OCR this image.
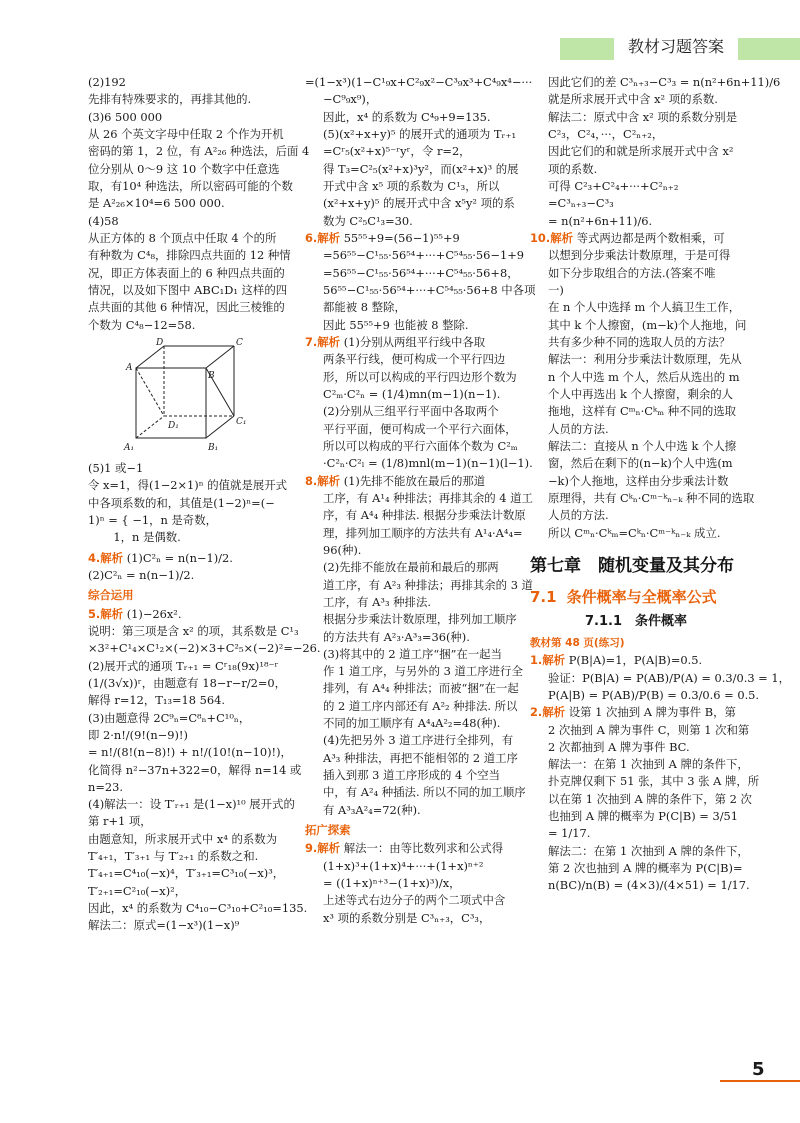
教材习题答案

(2)192

先排有特殊要求的，再排其他的.

(3)6 500 000

从 26 个英文字母中任取 2 个作为开机

密码的第 1，2 位，有 A²₂₆ 种选法，后面 4

位分别从 0～9 这 10 个数字中任意选

取，有10⁴ 种选法，所以密码可能的个数

是 A²₂₆×10⁴=6 500 000.

(4)58

从正方体的 8 个顶点中任取 4 个的所

有种数为 C⁴₈，排除四点共面的 12 种情

况，即正方体表面上的 6 种四点共面的

情况，以及如下图中 ABC₁D₁ 这样的四

点共面的其他 6 种情况，因此三棱锥的

个数为 C⁴₈−12=58.

A
B
C
D
A₁	B₁
C₁
D₁

(5)1 或−1

令 x=1，得(1−2×1)ⁿ 的值就是展开式

中各项系数的和，其值是(1−2)ⁿ=(−

1)ⁿ = { −1，n 是奇数，

1，n 是偶数.

4.解析 (1)C²ₙ = n(n−1)/2.

(2)C²ₙ = n(n−1)/2.

综合运用

5.解析 (1)−26x².

说明：第三项是含 x² 的项，其系数是 C¹₃

×3²+C¹₄×C¹₂×(−2)×3+C²₅×(−2)²=−26.

(2)展开式的通项 Tᵣ₊₁ = Cʳ₁₈(9x)¹⁸⁻ʳ

(1/(3√x))ʳ，由题意有 18−r−r/2=0，

解得 r=12，T₁₃=18 564.

(3)由题意得 2C⁹ₙ=C⁸ₙ+C¹⁰ₙ，

即 2·n!/(9!(n−9)!)

= n!/(8!(n−8)!) + n!/(10!(n−10)!)，

化简得 n²−37n+322=0，解得 n=14 或

n=23.

(4)解法一：设 T′ᵣ₊₁ 是(1−x)¹⁰ 展开式的

第 r+1 项，

由题意知，所求展开式中 x⁴ 的系数为

T′₄₊₁，T′₃₊₁ 与 T′₂₊₁ 的系数之和.

T′₄₊₁=C⁴₁₀(−x)⁴，T′₃₊₁=C³₁₀(−x)³，

T′₂₊₁=C²₁₀(−x)²，

因此，x⁴ 的系数为 C⁴₁₀−C³₁₀+C²₁₀=135.

解法二：原式=(1−x³)(1−x)⁹

=(1−x³)(1−C¹₉x+C²₉x²−C³₉x³+C⁴₉x⁴−···

−C⁹₉x⁹)，

因此，x⁴ 的系数为 C⁴₉+9=135.

(5)(x²+x+y)⁵ 的展开式的通项为 Tᵣ₊₁

=Cʳ₅(x²+x)⁵⁻ʳyʳ，令 r=2，

得 T₃=C²₅(x²+x)³y²，而(x²+x)³ 的展

开式中含 x⁵ 项的系数为 C¹₃，所以

(x²+x+y)⁵ 的展开式中含 x⁵y² 项的系

数为 C²₅C¹₃=30.

6.解析 55⁵⁵+9=(56−1)⁵⁵+9

=56⁵⁵−C¹₅₅·56⁵⁴+···+C⁵⁴₅₅·56−1+9

=56⁵⁵−C¹₅₅·56⁵⁴+···+C⁵⁴₅₅·56+8，

56⁵⁵−C¹₅₅·56⁵⁴+···+C⁵⁴₅₅·56+8 中各项

都能被 8 整除，

因此 55⁵⁵+9 也能被 8 整除.

7.解析 (1)分别从两组平行线中各取

两条平行线，便可构成一个平行四边

形，所以可以构成的平行四边形个数为

C²ₘ·C²ₙ = (1/4)mn(m−1)(n−1).

(2)分别从三组平行平面中各取两个

平行平面，便可构成一个平行六面体，

所以可以构成的平行六面体个数为 C²ₘ

·C²ₙ·C²ₗ = (1/8)mnl(m−1)(n−1)(l−1).

8.解析 (1)先排不能放在最后的那道

工序，有 A¹₄ 种排法；再排其余的 4 道工

序，有 A⁴₄ 种排法. 根据分步乘法计数原

理，排列加工顺序的方法共有 A¹₄·A⁴₄=

96(种).

(2)先排不能放在最前和最后的那两

道工序，有 A²₃ 种排法；再排其余的 3 道

工序，有 A³₃ 种排法.

根据分步乘法计数原理，排列加工顺序

的方法共有 A²₃·A³₃=36(种).

(3)将其中的 2 道工序“捆”在一起当

作 1 道工序，与另外的 3 道工序进行全

排列，有 A⁴₄ 种排法；而被“捆”在一起

的 2 道工序内部还有 A²₂ 种排法. 所以

不同的加工顺序有 A⁴₄A²₂=48(种).

(4)先把另外 3 道工序进行全排列，有

A³₃ 种排法，再把不能相邻的 2 道工序

插入到那 3 道工序形成的 4 个空当

中，有 A²₄ 种插法. 所以不同的加工顺序

有 A³₃A²₄=72(种).

拓广探索

9.解析 解法一：由等比数列求和公式得

(1+x)³+(1+x)⁴+···+(1+x)ⁿ⁺²

= ((1+x)ⁿ⁺³−(1+x)³)/x，

上述等式右边分子的两个二项式中含

x³ 项的系数分别是 C³ₙ₊₃，C³₃，

因此它们的差 C³ₙ₊₃−C³₃ = n(n²+6n+11)/6

就是所求展开式中含 x² 项的系数.

解法二：原式中含 x² 项的系数分别是

C²₃，C²₄，···，C²ₙ₊₂，

因此它们的和就是所求展开式中含 x²

项的系数.

可得 C²₃+C²₄+···+C²ₙ₊₂

=C³ₙ₊₃−C³₃

= n(n²+6n+11)/6.

10.解析 等式两边都是两个数相乘，可

以想到分步乘法计数原理，于是可得

如下分步取组合的方法.(答案不唯

一)

在 n 个人中选择 m 个人搞卫生工作，

其中 k 个人擦窗，(m−k)个人拖地，问

共有多少种不同的选取人员的方法？

解法一：利用分步乘法计数原理，先从

n 个人中选 m 个人，然后从选出的 m

个人中再选出 k 个人擦窗，剩余的人

拖地，这样有 Cᵐₙ·Cᵏₘ 种不同的选取

人员的方法.

解法二：直接从 n 个人中选 k 个人擦

窗，然后在剩下的(n−k)个人中选(m

−k)个人拖地，这样由分步乘法计数

原理得，共有 Cᵏₙ·Cᵐ⁻ᵏₙ₋ₖ 种不同的选取

人员的方法.

所以 Cᵐₙ·Cᵏₘ=Cᵏₙ·Cᵐ⁻ᵏₙ₋ₖ 成立.

第七章　随机变量及其分布

7.1 条件概率与全概率公式

7.1.1　条件概率

教材第 48 页(练习)

1.解析 P(B|A)=1，P(A|B)=0.5.

验证：P(B|A) = P(AB)/P(A) = 0.3/0.3 = 1，

P(A|B) = P(AB)/P(B) = 0.3/0.6 = 0.5.

2.解析 设第 1 次抽到 A 牌为事件 B，第

2 次抽到 A 牌为事件 C，则第 1 次和第

2 次都抽到 A 牌为事件 BC.

解法一：在第 1 次抽到 A 牌的条件下，

扑克牌仅剩下 51 张，其中 3 张 A 牌，所

以在第 1 次抽到 A 牌的条件下，第 2 次

也抽到 A 牌的概率为 P(C|B) = 3/51

= 1/17.

解法二：在第 1 次抽到 A 牌的条件下，

第 2 次也抽到 A 牌的概率为 P(C|B)=

n(BC)/n(B) = (4×3)/(4×51) = 1/17.

5
